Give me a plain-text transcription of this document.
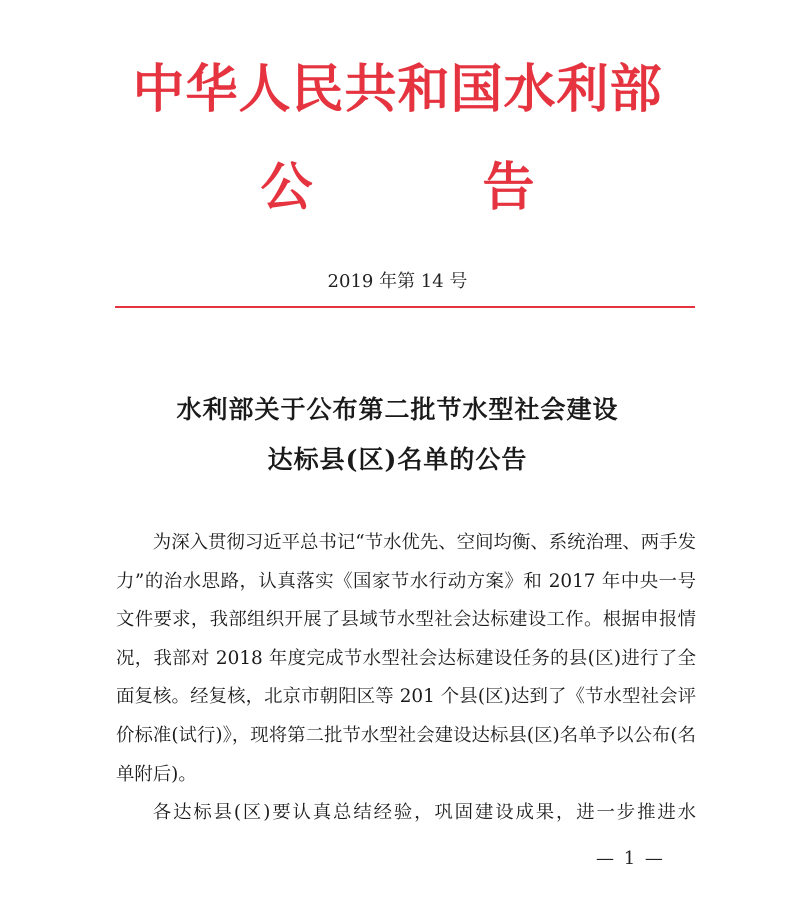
中华人民共和国水利部
公	告
2019 年第 14 号
水利部关于公布第二批节水型社会建设
达标县(区)名单的公告

为深入贯彻习近平总书记“节水优先、空间均衡、系统治理、两手发力”的治水思路，认真落实《国家节水行动方案》和 2017 年中央一号文件要求，我部组织开展了县域节水型社会达标建设工作。根据申报情况，我部对 2018 年度完成节水型社会达标建设任务的县(区)进行了全面复核。经复核，北京市朝阳区等 201 个县(区)达到了《节水型社会评价标准(试行)》，现将第二批节水型社会建设达标县(区)名单予以公布(名单附后)。

各达标县(区)要认真总结经验，巩固建设成果，进一步推进水

— 1 —
